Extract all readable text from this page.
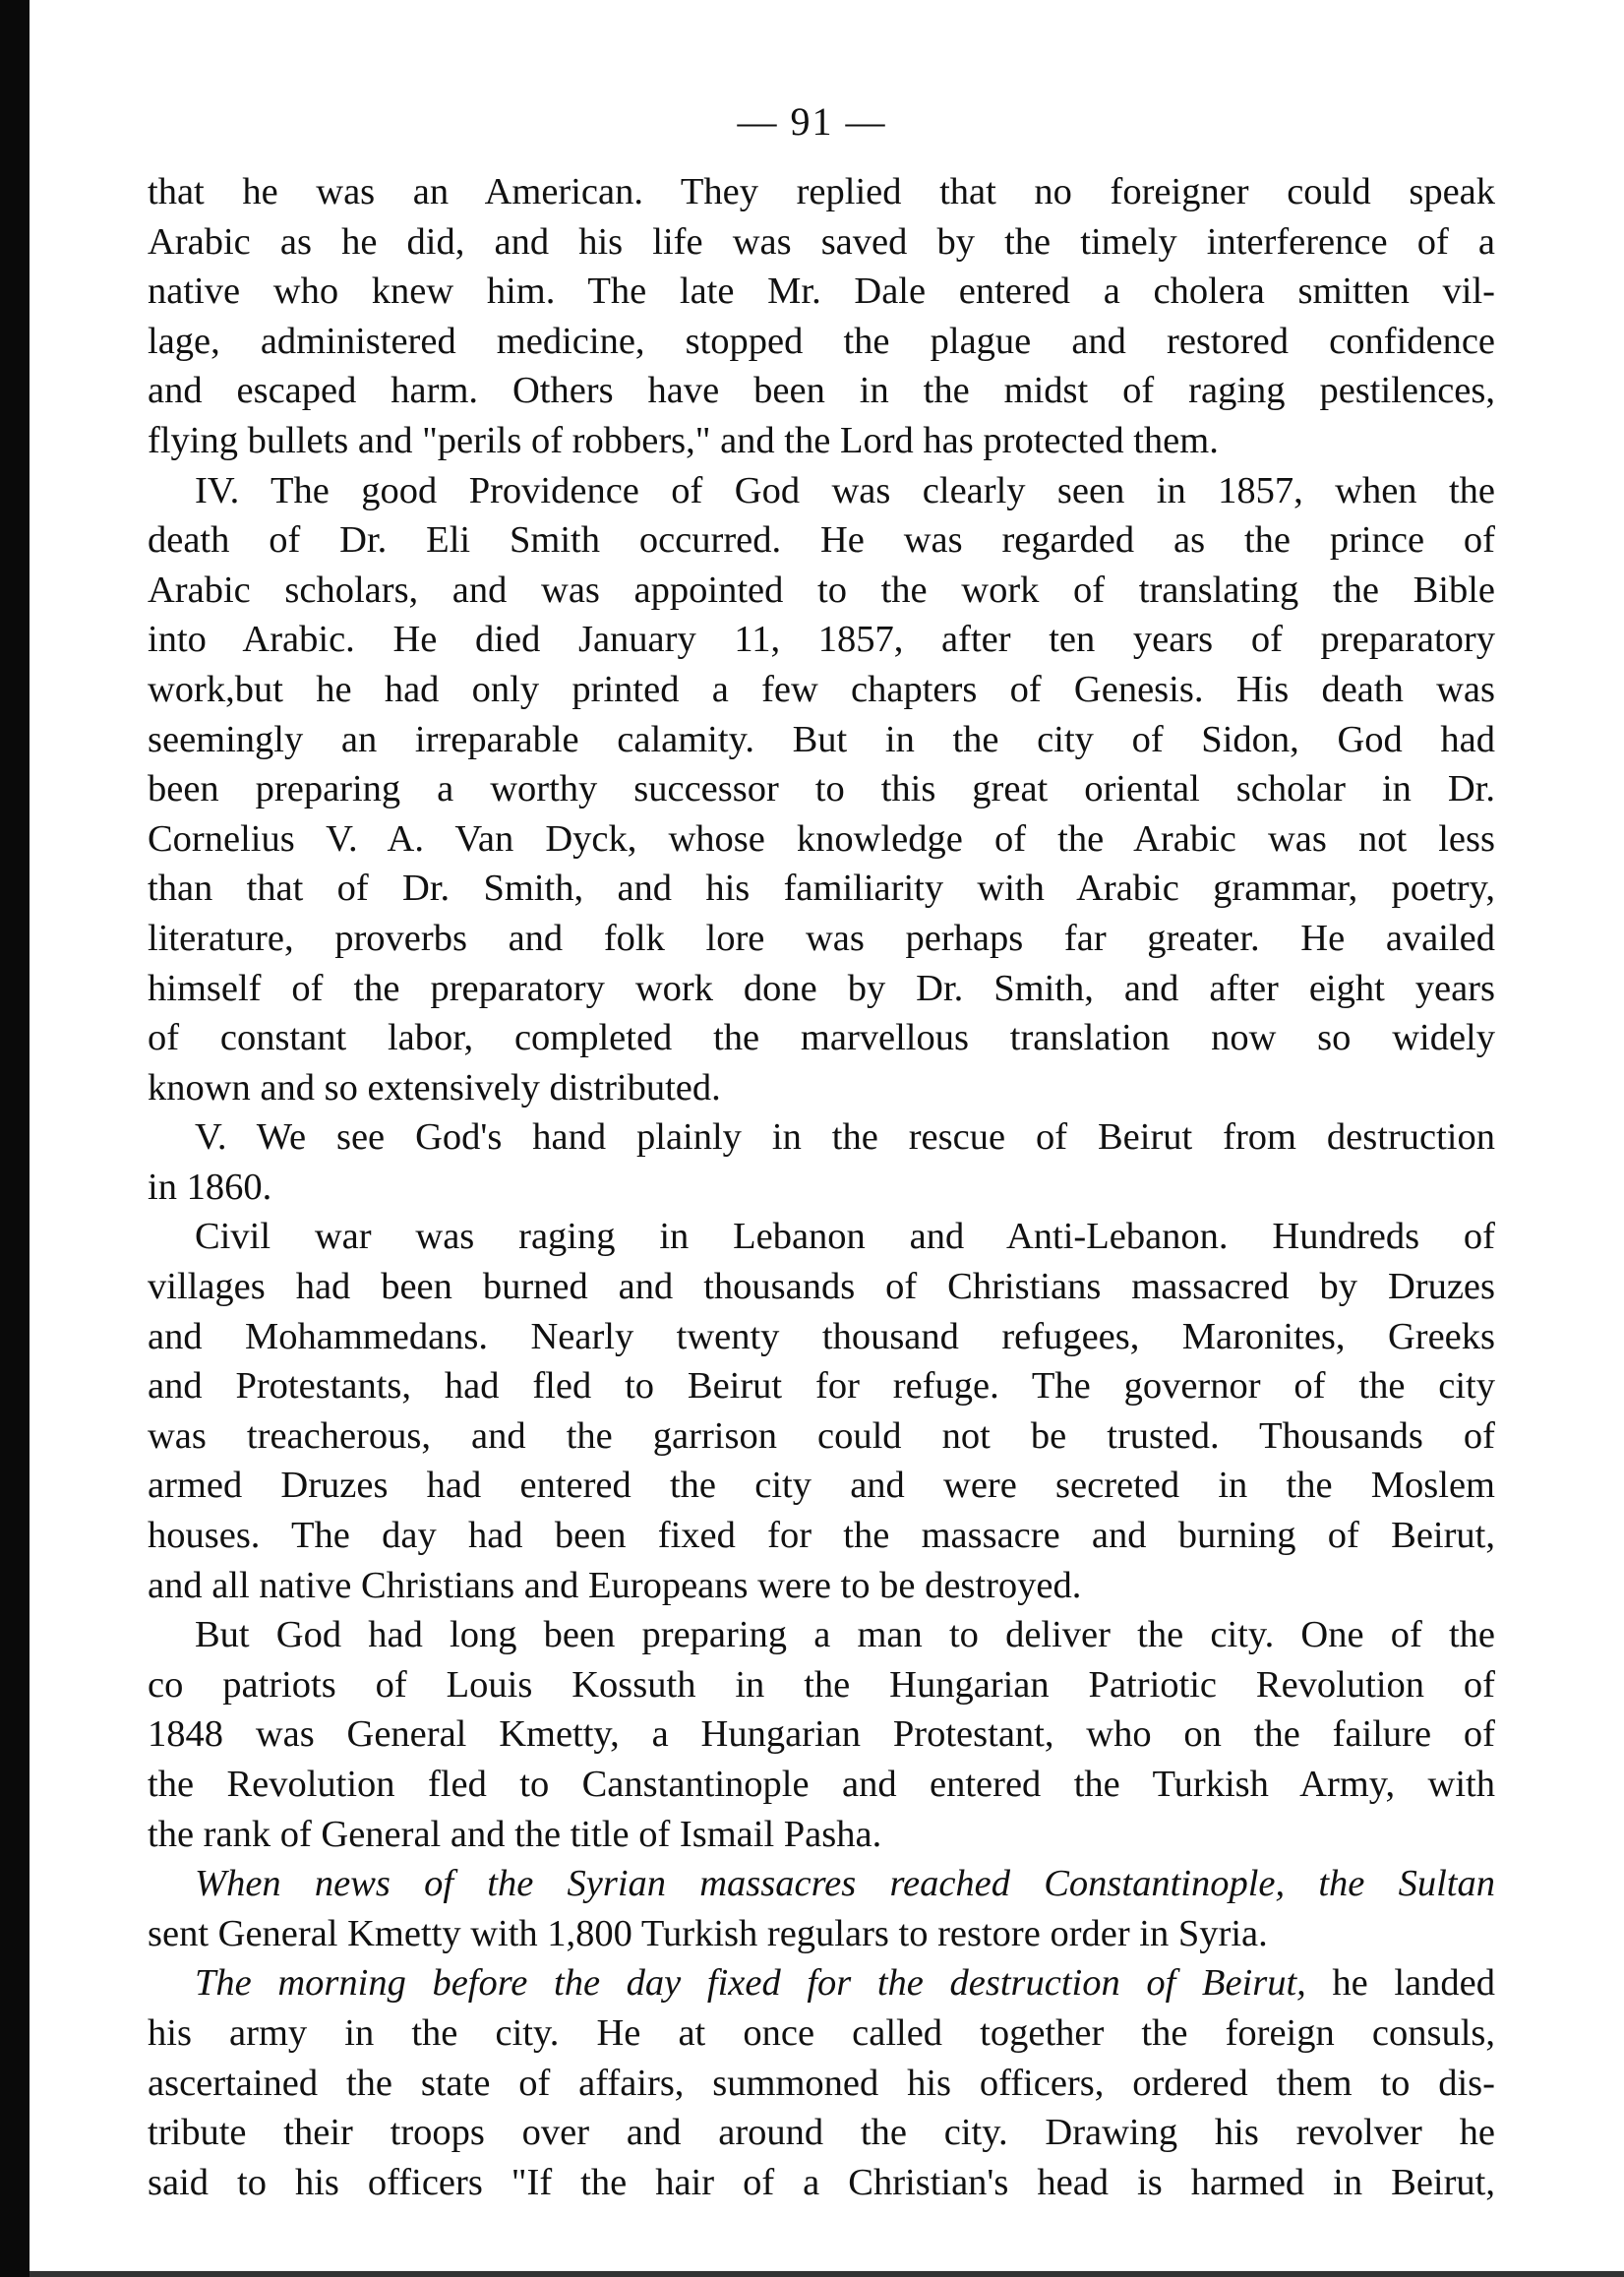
— 91 —
that he was an American. They replied that no foreigner could speak
Arabic as he did, and his life was saved by the timely interference of a
native who knew him. The late Mr. Dale entered a cholera smitten vil-
lage, administered medicine, stopped the plague and restored confidence
and escaped harm. Others have been in the midst of raging pestilences,
flying bullets and "perils of robbers," and the Lord has protected them.
IV. The good Providence of God was clearly seen in 1857, when the
death of Dr. Eli Smith occurred. He was regarded as the prince of
Arabic scholars, and was appointed to the work of translating the Bible
into Arabic. He died January 11, 1857, after ten years of preparatory
work,but he had only printed a few chapters of Genesis. His death was
seemingly an irreparable calamity. But in the city of Sidon, God had
been preparing a worthy successor to this great oriental scholar in Dr.
Cornelius V. A. Van Dyck, whose knowledge of the Arabic was not less
than that of Dr. Smith, and his familiarity with Arabic grammar, poetry,
literature, proverbs and folk lore was perhaps far greater. He availed
himself of the preparatory work done by Dr. Smith, and after eight years
of constant labor, completed the marvellous translation now so widely
known and so extensively distributed.
V. We see God's hand plainly in the rescue of Beirut from destruction
in 1860.
Civil war was raging in Lebanon and Anti-Lebanon. Hundreds of
villages had been burned and thousands of Christians massacred by Druzes
and Mohammedans. Nearly twenty thousand refugees, Maronites, Greeks
and Protestants, had fled to Beirut for refuge. The governor of the city
was treacherous, and the garrison could not be trusted. Thousands of
armed Druzes had entered the city and were secreted in the Moslem
houses. The day had been fixed for the massacre and burning of Beirut,
and all native Christians and Europeans were to be destroyed.
But God had long been preparing a man to deliver the city. One of the
co patriots of Louis Kossuth in the Hungarian Patriotic Revolution of
1848 was General Kmetty, a Hungarian Protestant, who on the failure of
the Revolution fled to Canstantinople and entered the Turkish Army, with
the rank of General and the title of Ismail Pasha.
When news of the Syrian massacres reached Constantinople, the Sultan
sent General Kmetty with 1,800 Turkish regulars to restore order in Syria.
The morning before the day fixed for the destruction of Beirut, he landed
his army in the city. He at once called together the foreign consuls,
ascertained the state of affairs, summoned his officers, ordered them to dis-
tribute their troops over and around the city. Drawing his revolver he
said to his officers "If the hair of a Christian's head is harmed in Beirut,
